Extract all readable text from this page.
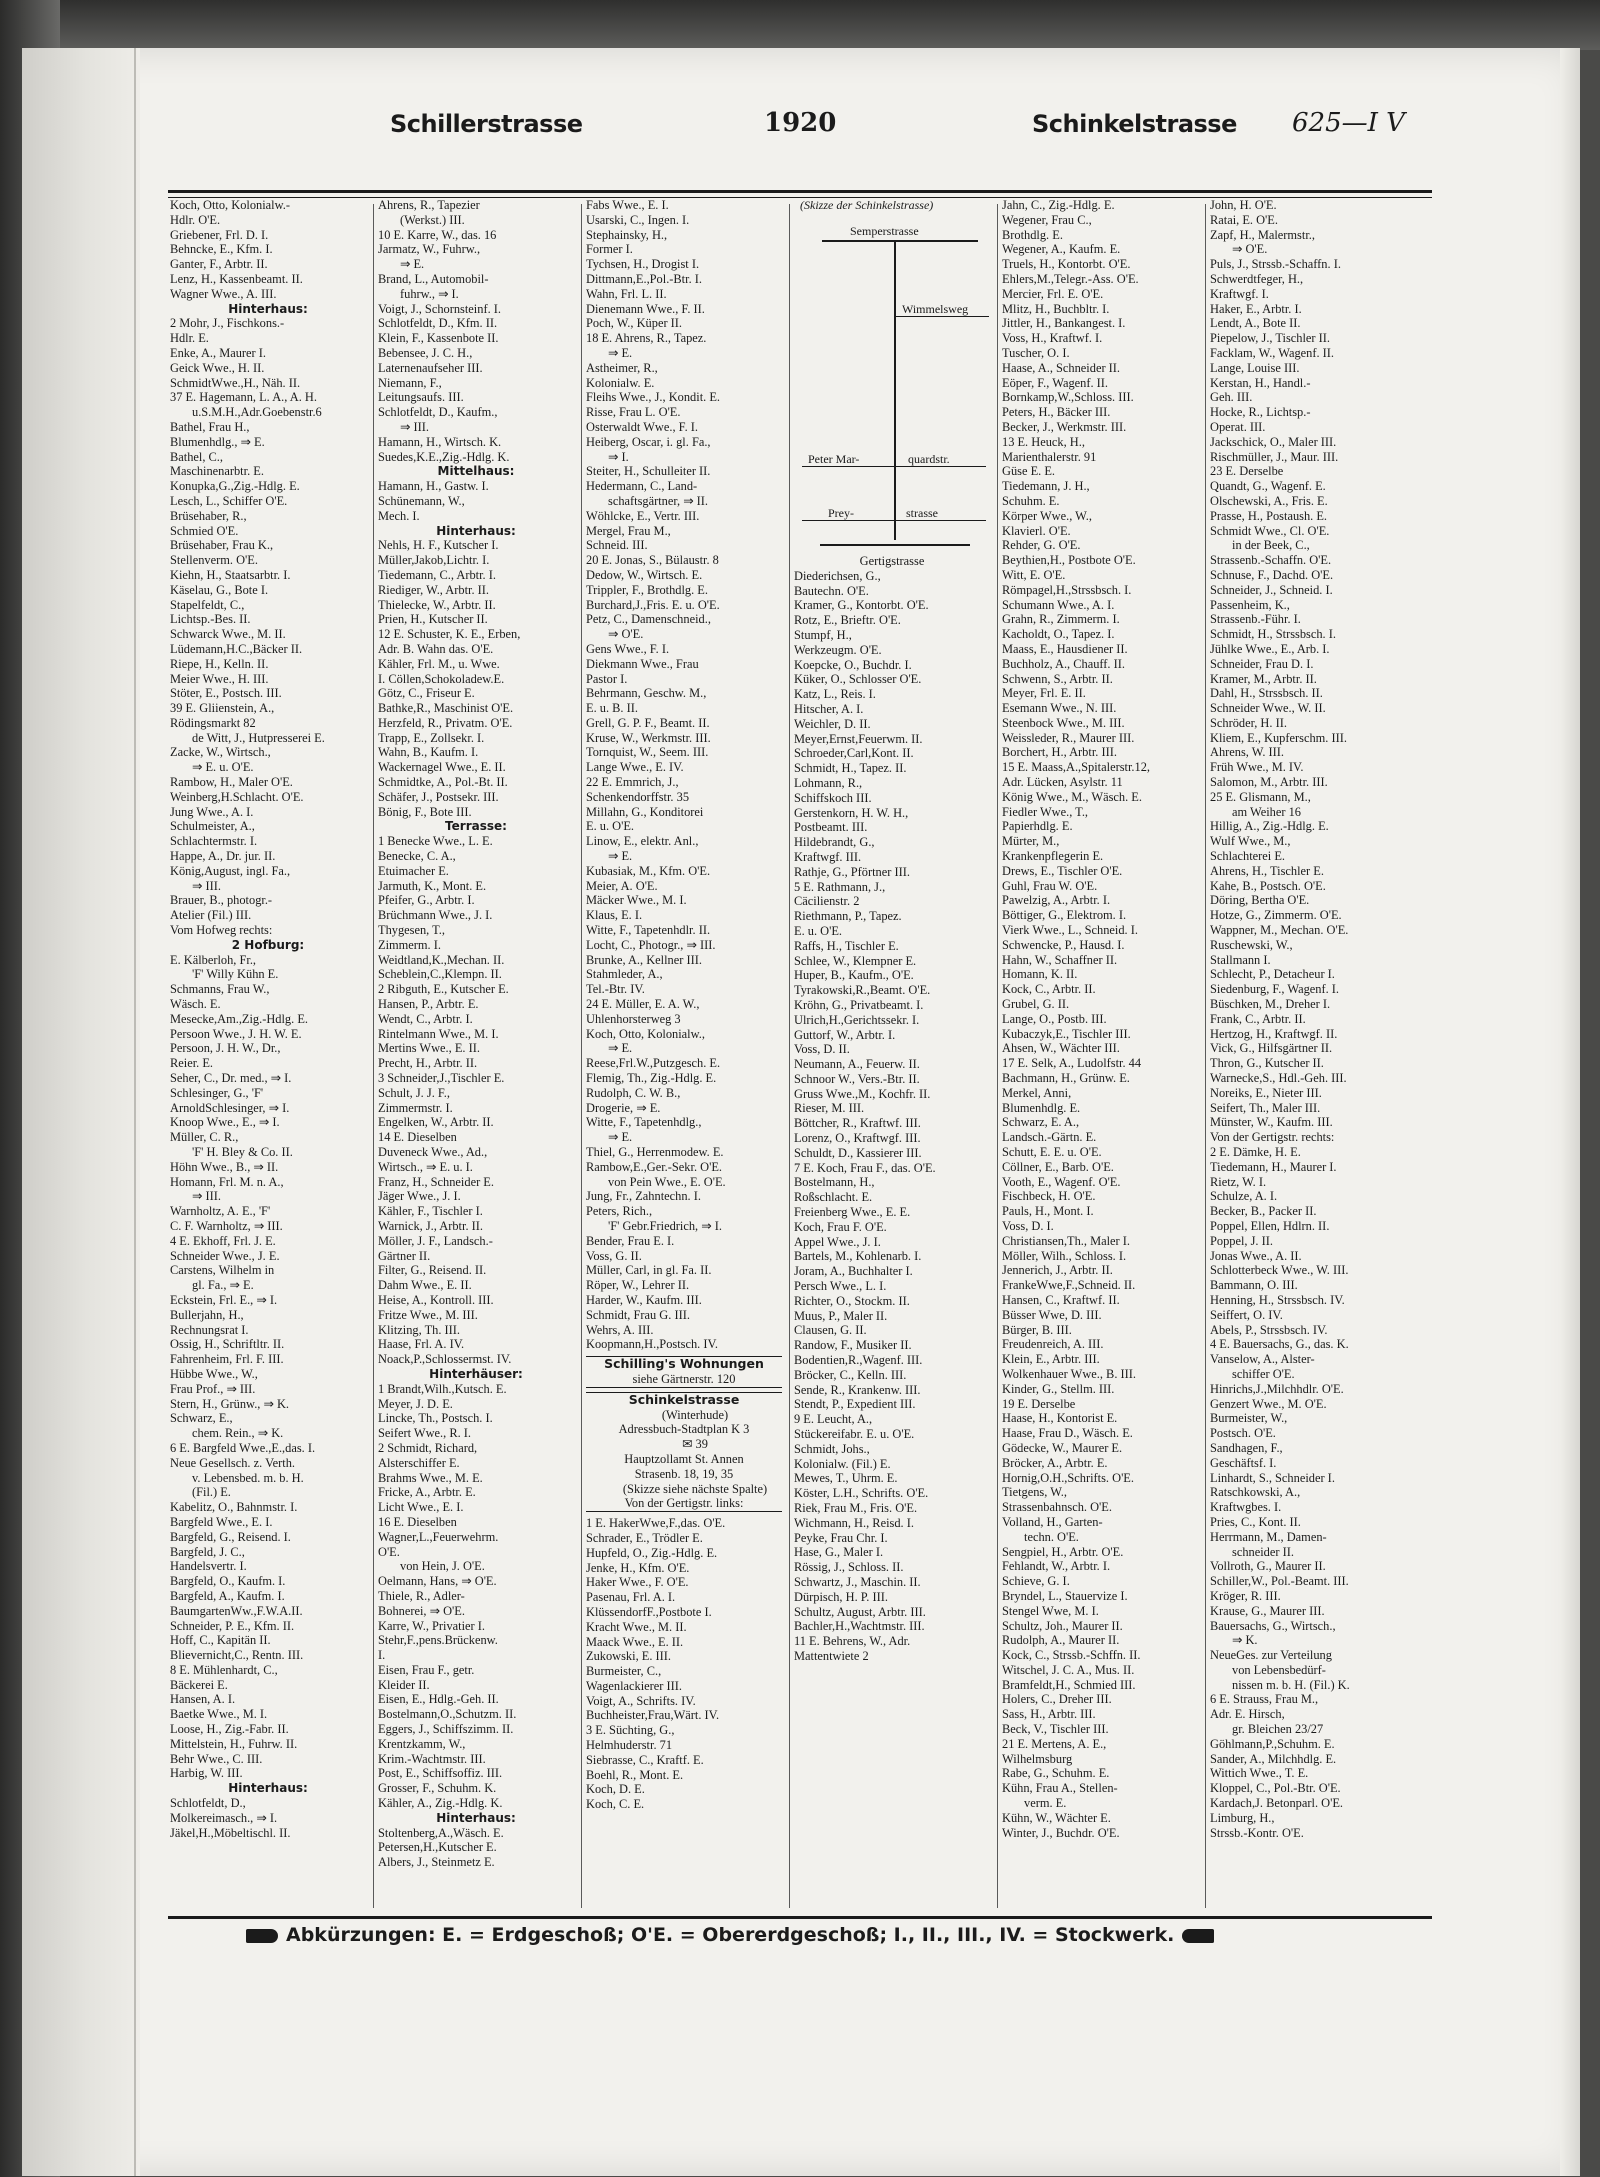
Schillerstrasse	1920	Schinkelstrasse 625—I V
Koch, Otto, Kolonialw.-
Hdlr. O'E.
Griebener, Frl. D. I.
Behncke, E., Kfm. I.
Ganter, F., Arbtr. II.
Lenz, H., Kassenbeamt. II.
Wagner Wwe., A. III.
Hinterhaus:
2 Mohr, J., Fischkons.-
Hdlr. E.
Enke, A., Maurer I.
Geick Wwe., H. II.
SchmidtWwe.,H., Näh. II.
37 E. Hagemann, L. A., A. H.
u.S.M.H.,Adr.Goebenstr.6
Bathel, Frau H.,
Blumenhdlg., ⇒ E.
Bathel, C.,
Maschinenarbtr. E.
Konupka,G.,Zig.-Hdlg. E.
Lesch, L., Schiffer O'E.
Brüsehaber, R.,
Schmied O'E.
Brüsehaber, Frau K.,
Stellenverm. O'E.
Kiehn, H., Staatsarbtr. I.
Käselau, G., Bote I.
Stapelfeldt, C.,
Lichtsp.-Bes. II.
Schwarck Wwe., M. II.
Lüdemann,H.C.,Bäcker II.
Riepe, H., Kelln. II.
Meier Wwe., H. III.
Stöter, E., Postsch. III.
39 E. Gliienstein, A.,
Rödingsmarkt 82
de Witt, J., Hutpresserei E.
Zacke, W., Wirtsch.,
⇒ E. u. O'E.
Rambow, H., Maler O'E.
Weinberg,H.Schlacht. O'E.
Jung Wwe., A. I.
Schulmeister, A.,
Schlachtermstr. I.
Happe, A., Dr. jur. II.
König,August, ingl. Fa.,
⇒ III.
Brauer, B., photogr.-
Atelier (Fil.) III.
Vom Hofweg rechts:
2 Hofburg:
E. Kälberloh, Fr.,
'F' Willy Kühn E.
Schmanns, Frau W.,
Wäsch. E.
Mesecke,Am.,Zig.-Hdlg. E.
Persoon Wwe., J. H. W. E.
Persoon, J. H. W., Dr.,
Reier. E.
Seher, C., Dr. med., ⇒ I.
Schlesinger, G., 'F'
ArnoldSchlesinger, ⇒ I.
Knoop Wwe., E., ⇒ I.
Müller, C. R.,
'F' H. Bley & Co. II.
Höhn Wwe., B., ⇒ II.
Homann, Frl. M. n. A.,
⇒ III.
Warnholtz, A. E., 'F'
C. F. Warnholtz, ⇒ III.
4 E. Ekhoff, Frl. J. E.
Schneider Wwe., J. E.
Carstens, Wilhelm in
gl. Fa., ⇒ E.
Eckstein, Frl. E., ⇒ I.
Bullerjahn, H.,
Rechnungsrat I.
Ossig, H., Schriftltr. II.
Fahrenheim, Frl. F. III.
Hübbe Wwe., W.,
Frau Prof., ⇒ III.
Stern, H., Grünw., ⇒ K.
Schwarz, E.,
chem. Rein., ⇒ K.
6 E. Bargfeld Wwe.,E.,das. I.
Neue Gesellsch. z. Verth.
v. Lebensbed. m. b. H.
(Fil.) E.
Kabelitz, O., Bahnmstr. I.
Bargfeld Wwe., E. I.
Bargfeld, G., Reisend. I.
Bargfeld, J. C.,
Handelsvertr. I.
Bargfeld, O., Kaufm. I.
Bargfeld, A., Kaufm. I.
BaumgartenWw.,F.W.A.II.
Schneider, P. E., Kfm. II.
Hoff, C., Kapitän II.
Blievernicht,C., Rentn. III.
8 E. Mühlenhardt, C.,
Bäckerei E.
Hansen, A. I.
Baetke Wwe., M. I.
Loose, H., Zig.-Fabr. II.
Mittelstein, H., Fuhrw. II.
Behr Wwe., C. III.
Harbig, W. III.
Hinterhaus:
Schlotfeldt, D.,
Molkereimasch., ⇒ I.
Jäkel,H.,Möbeltischl. II.
Ahrens, R., Tapezier
(Werkst.) III.
10 E. Karre, W., das. 16
Jarmatz, W., Fuhrw.,
⇒ E.
Brand, L., Automobil-
fuhrw., ⇒ I.
Voigt, J., Schornsteinf. I.
Schlotfeldt, D., Kfm. II.
Klein, F., Kassenbote II.
Bebensee, J. C. H.,
Laternenaufseher III.
Niemann, F.,
Leitungsaufs. III.
Schlotfeldt, D., Kaufm.,
⇒ III.
Hamann, H., Wirtsch. K.
Suedes,K.E.,Zig.-Hdlg. K.
Mittelhaus:
Hamann, H., Gastw. I.
Schünemann, W.,
Mech. I.
Hinterhaus:
Nehls, H. F., Kutscher I.
Müller,Jakob,Lichtr. I.
Tiedemann, C., Arbtr. I.
Riediger, W., Arbtr. II.
Thielecke, W., Arbtr. II.
Prien, H., Kutscher II.
12 E. Schuster, K. E., Erben,
Adr. B. Wahn das. O'E.
Kähler, Frl. M., u. Wwe.
I. Cöllen,Schokoladew.E.
Götz, C., Friseur E.
Bathke,R., Maschinist O'E.
Herzfeld, R., Privatm. O'E.
Trapp, E., Zollsekr. I.
Wahn, B., Kaufm. I.
Wackernagel Wwe., E. II.
Schmidtke, A., Pol.-Bt. II.
Schäfer, J., Postsekr. III.
Bönig, F., Bote III.
Terrasse:
1 Benecke Wwe., L. E.
Benecke, C. A.,
Etuimacher E.
Jarmuth, K., Mont. E.
Pfeifer, G., Arbtr. I.
Brüchmann Wwe., J. I.
Thygesen, T.,
Zimmerm. I.
Weidtland,K.,Mechan. II.
Scheblein,C.,Klempn. II.
2 Ribguth, E., Kutscher E.
Hansen, P., Arbtr. E.
Wendt, C., Arbtr. I.
Rintelmann Wwe., M. I.
Mertins Wwe., E. II.
Precht, H., Arbtr. II.
3 Schneider,J.,Tischler E.
Schult, J. J. F.,
Zimmermstr. I.
Engelken, W., Arbtr. II.
14 E. Dieselben
Duveneck Wwe., Ad.,
Wirtsch., ⇒ E. u. I.
Franz, H., Schneider E.
Jäger Wwe., J. I.
Kähler, F., Tischler I.
Warnick, J., Arbtr. II.
Möller, J. F., Landsch.-
Gärtner II.
Filter, G., Reisend. II.
Dahm Wwe., E. II.
Heise, A., Kontroll. III.
Fritze Wwe., M. III.
Klitzing, Th. III.
Haase, Frl. A. IV.
Noack,P.,Schlossermst. IV.
Hinterhäuser:
1 Brandt,Wilh.,Kutsch. E.
Meyer, J. D. E.
Lincke, Th., Postsch. I.
Seifert Wwe., R. I.
2 Schmidt, Richard,
Alsterschiffer E.
Brahms Wwe., M. E.
Fricke, A., Arbtr. E.
Licht Wwe., E. I.
16 E. Dieselben
Wagner,L.,Feuerwehrm.
O'E.
von Hein, J. O'E.
Oelmann, Hans, ⇒ O'E.
Thiele, R., Adler-
Bohnerei, ⇒ O'E.
Karre, W., Privatier I.
Stehr,F.,pens.Brückenw.
I.
Eisen, Frau F., getr.
Kleider II.
Eisen, E., Hdlg.-Geh. II.
Bostelmann,O.,Schutzm. II.
Eggers, J., Schiffszimm. II.
Krentzkamm, W.,
Krim.-Wachtmstr. III.
Post, E., Schiffsoffiz. III.
Grosser, F., Schuhm. K.
Kähler, A., Zig.-Hdlg. K.
Hinterhaus:
Stoltenberg,A.,Wäsch. E.
Petersen,H.,Kutscher E.
Albers, J., Steinmetz E.
Fabs Wwe., E. I.
Usarski, C., Ingen. I.
Stephainsky, H.,
Former I.
Tychsen, H., Drogist I.
Dittmann,E.,Pol.-Btr. I.
Wahn, Frl. L. II.
Dienemann Wwe., F. II.
Poch, W., Küper II.
18 E. Ahrens, R., Tapez.
⇒ E.
Astheimer, R.,
Kolonialw. E.
Fleihs Wwe., J., Kondit. E.
Risse, Frau L. O'E.
Osterwaldt Wwe., F. I.
Heiberg, Oscar, i. gl. Fa.,
⇒ I.
Steiter, H., Schulleiter II.
Hedermann, C., Land-
schaftsgärtner, ⇒ II.
Wöhlcke, E., Vertr. III.
Mergel, Frau M.,
Schneid. III.
20 E. Jonas, S., Bülaustr. 8
Dedow, W., Wirtsch. E.
Trippler, F., Brothdlg. E.
Burchard,J.,Fris. E. u. O'E.
Petz, C., Damenschneid.,
⇒ O'E.
Gens Wwe., F. I.
Diekmann Wwe., Frau
Pastor I.
Behrmann, Geschw. M.,
E. u. B. II.
Grell, G. P. F., Beamt. II.
Kruse, W., Werkmstr. III.
Tornquist, W., Seem. III.
Lange Wwe., E. IV.
22 E. Emmrich, J.,
Schenkendorffstr. 35
Millahn, G., Konditorei
E. u. O'E.
Linow, E., elektr. Anl.,
⇒ E.
Kubasiak, M., Kfm. O'E.
Meier, A. O'E.
Mäcker Wwe., M. I.
Klaus, E. I.
Witte, F., Tapetenhdlr. II.
Locht, C., Photogr., ⇒ III.
Brunke, A., Kellner III.
Stahmleder, A.,
Tel.-Btr. IV.
24 E. Müller, E. A. W.,
Uhlenhorsterweg 3
Koch, Otto, Kolonialw.,
⇒ E.
Reese,Frl.W.,Putzgesch. E.
Flemig, Th., Zig.-Hdlg. E.
Rudolph, C. W. B.,
Drogerie, ⇒ E.
Witte, F., Tapetenhdlg.,
⇒ E.
Thiel, G., Herrenmodew. E.
Rambow,E.,Ger.-Sekr. O'E.
von Pein Wwe., E. O'E.
Jung, Fr., Zahntechn. I.
Peters, Rich.,
'F' Gebr.Friedrich, ⇒ I.
Bender, Frau E. I.
Voss, G. II.
Müller, Carl, in gl. Fa. II.
Röper, W., Lehrer II.
Harder, W., Kaufm. III.
Schmidt, Frau G. III.
Wehrs, A. III.
Koopmann,H.,Postsch. IV.
Schilling's Wohnungen
siehe Gärtnerstr. 120
Schinkelstrasse
(Winterhude)
Adressbuch-Stadtplan K 3
✉ 39
Hauptzollamt St. Annen
Strasenb. 18, 19, 35
(Skizze siehe nächste Spalte)
Von der Gertigstr. links:
1 E. HakerWwe,F.,das. O'E.
Schrader, E., Trödler E.
Hupfeld, O., Zig.-Hdlg. E.
Jenke, H., Kfm. O'E.
Haker Wwe., F. O'E.
Pasenau, Frl. A. I.
KlüssendorfF.,Postbote I.
Kracht Wwe., M. II.
Maack Wwe., E. II.
Zukowski, E. III.
Burmeister, C.,
Wagenlackierer III.
Voigt, A., Schrifts. IV.
Buchheister,Frau,Wärt. IV.
3 E. Süchting, G.,
Helmhuderstr. 71
Siebrasse, C., Kraftf. E.
Boehl, R., Mont. E.
Koch, D. E.
Koch, C. E.
(Skizze der Schinkelstrasse)
Semperstrasse
Wimmelsweg
Peter Mar-	quardstr.
Prey-	strasse
Gertigstrasse
Diederichsen, G.,
Bautechn. O'E.
Kramer, G., Kontorbt. O'E.
Rotz, E., Brieftr. O'E.
Stumpf, H.,
Werkzeugm. O'E.
Koepcke, O., Buchdr. I.
Küker, O., Schlosser O'E.
Katz, L., Reis. I.
Hitscher, A. I.
Weichler, D. II.
Meyer,Ernst,Feuerwm. II.
Schroeder,Carl,Kont. II.
Schmidt, H., Tapez. II.
Lohmann, R.,
Schiffskoch III.
Gerstenkorn, H. W. H.,
Postbeamt. III.
Hildebrandt, G.,
Kraftwgf. III.
Rathje, G., Pförtner III.
5 E. Rathmann, J.,
Cäcilienstr. 2
Riethmann, P., Tapez.
E. u. O'E.
Raffs, H., Tischler E.
Schlee, W., Klempner E.
Huper, B., Kaufm., O'E.
Tyrakowski,R.,Beamt. O'E.
Kröhn, G., Privatbeamt. I.
Ulrich,H.,Gerichtssekr. I.
Guttorf, W., Arbtr. I.
Voss, D. II.
Neumann, A., Feuerw. II.
Schnoor W., Vers.-Btr. II.
Gruss Wwe.,M., Kochfr. II.
Rieser, M. III.
Böttcher, R., Kraftwf. III.
Lorenz, O., Kraftwgf. III.
Schuldt, D., Kassierer III.
7 E. Koch, Frau F., das. O'E.
Bostelmann, H.,
Roßschlacht. E.
Freienberg Wwe., E. E.
Koch, Frau F. O'E.
Appel Wwe., J. I.
Bartels, M., Kohlenarb. I.
Joram, A., Buchhalter I.
Persch Wwe., L. I.
Richter, O., Stockm. II.
Muus, P., Maler II.
Clausen, G. II.
Randow, F., Musiker II.
Bodentien,R.,Wagenf. III.
Bröcker, C., Kelln. III.
Sende, R., Krankenw. III.
Stendt, P., Expedient III.
9 E. Leucht, A.,
Stückereifabr. E. u. O'E.
Schmidt, Johs.,
Kolonialw. (Fil.) E.
Mewes, T., Uhrm. E.
Köster, L.H., Schrifts. O'E.
Riek, Frau M., Fris. O'E.
Wichmann, H., Reisd. I.
Peyke, Frau Chr. I.
Hase, G., Maler I.
Rössig, J., Schloss. II.
Schwartz, J., Maschin. II.
Dürpisch, H. P. III.
Schultz, August, Arbtr. III.
Bachler,H.,Wachtmstr. III.
11 E. Behrens, W., Adr.
Mattentwiete 2
Jahn, C., Zig.-Hdlg. E.
Wegener, Frau C.,
Brothdlg. E.
Wegener, A., Kaufm. E.
Truels, H., Kontorbt. O'E.
Ehlers,M.,Telegr.-Ass. O'E.
Mercier, Frl. E. O'E.
Mlitz, H., Buchbltr. I.
Jittler, H., Bankangest. I.
Voss, H., Kraftwf. I.
Tuscher, O. I.
Haase, A., Schneider II.
Eöper, F., Wagenf. II.
Bornkamp,W.,Schloss. III.
Peters, H., Bäcker III.
Becker, J., Werkmstr. III.
13 E. Heuck, H.,
Marienthalerstr. 91
Güse E. E.
Tiedemann, J. H.,
Schuhm. E.
Körper Wwe., W.,
Klavierl. O'E.
Rehder, G. O'E.
Beythien,H., Postbote O'E.
Witt, E. O'E.
Römpagel,H.,Strssbsch. I.
Schumann Wwe., A. I.
Grahn, R., Zimmerm. I.
Kacholdt, O., Tapez. I.
Maass, E., Hausdiener II.
Buchholz, A., Chauff. II.
Schwenn, S., Arbtr. II.
Meyer, Frl. E. II.
Esemann Wwe., N. III.
Steenbock Wwe., M. III.
Weissleder, R., Maurer III.
Borchert, H., Arbtr. III.
15 E. Maass,A.,Spitalerstr.12,
Adr. Lücken, Asylstr. 11
König Wwe., M., Wäsch. E.
Fiedler Wwe., T.,
Papierhdlg. E.
Mürter, M.,
Krankenpflegerin E.
Drews, E., Tischler O'E.
Guhl, Frau W. O'E.
Pawelzig, A., Arbtr. I.
Böttiger, G., Elektrom. I.
Vierk Wwe., L., Schneid. I.
Schwencke, P., Hausd. I.
Hahn, W., Schaffner II.
Homann, K. II.
Kock, C., Arbtr. II.
Grubel, G. II.
Lange, O., Postb. III.
Kubaczyk,E., Tischler III.
Ahsen, W., Wächter III.
17 E. Selk, A., Ludolfstr. 44
Bachmann, H., Grünw. E.
Merkel, Anni,
Blumenhdlg. E.
Schwarz, E. A.,
Landsch.-Gärtn. E.
Schutt, E. E. u. O'E.
Cöllner, E., Barb. O'E.
Vooth, E., Wagenf. O'E.
Fischbeck, H. O'E.
Pauls, H., Mont. I.
Voss, D. I.
Christiansen,Th., Maler I.
Möller, Wilh., Schloss. I.
Jennerich, J., Arbtr. II.
FrankeWwe,F.,Schneid. II.
Hansen, C., Kraftwf. II.
Büsser Wwe, D. III.
Bürger, B. III.
Freudenreich, A. III.
Klein, E., Arbtr. III.
Wolkenhauer Wwe., B. III.
Kinder, G., Stellm. III.
19 E. Derselbe
Haase, H., Kontorist E.
Haase, Frau D., Wäsch. E.
Gödecke, W., Maurer E.
Bröcker, A., Arbtr. E.
Hornig,O.H.,Schrifts. O'E.
Tietgens, W.,
Strassenbahnsch. O'E.
Volland, H., Garten-
techn. O'E.
Sengpiel, H., Arbtr. O'E.
Fehlandt, W., Arbtr. I.
Schieve, G. I.
Bryndel, L., Stauervize I.
Stengel Wwe, M. I.
Schultz, Joh., Maurer II.
Rudolph, A., Maurer II.
Kock, C., Strssb.-Schffn. II.
Witschel, J. C. A., Mus. II.
Bramfeldt,H., Schmied III.
Holers, C., Dreher III.
Sass, H., Arbtr. III.
Beck, V., Tischler III.
21 E. Mertens, A. E.,
Wilhelmsburg
Rabe, G., Schuhm. E.
Kühn, Frau A., Stellen-
verm. E.
Kühn, W., Wächter E.
Winter, J., Buchdr. O'E.
John, H. O'E.
Ratai, E. O'E.
Zapf, H., Malermstr.,
⇒ O'E.
Puls, J., Strssb.-Schaffn. I.
Schwerdtfeger, H.,
Kraftwgf. I.
Haker, E., Arbtr. I.
Lendt, A., Bote II.
Piepelow, J., Tischler II.
Facklam, W., Wagenf. II.
Lange, Louise III.
Kerstan, H., Handl.-
Geh. III.
Hocke, R., Lichtsp.-
Operat. III.
Jackschick, O., Maler III.
Rischmüller, J., Maur. III.
23 E. Derselbe
Quandt, G., Wagenf. E.
Olschewski, A., Fris. E.
Prasse, H., Postaush. E.
Schmidt Wwe., Cl. O'E.
in der Beek, C.,
Strassenb.-Schaffn. O'E.
Schnuse, F., Dachd. O'E.
Schneider, J., Schneid. I.
Passenheim, K.,
Strassenb.-Führ. I.
Schmidt, H., Strssbsch. I.
Jühlke Wwe., E., Arb. I.
Schneider, Frau D. I.
Kramer, M., Arbtr. II.
Dahl, H., Strssbsch. II.
Schneider Wwe., W. II.
Schröder, H. II.
Kliem, E., Kupferschm. III.
Ahrens, W. III.
Früh Wwe., M. IV.
Salomon, M., Arbtr. III.
25 E. Glismann, M.,
am Weiher 16
Hillig, A., Zig.-Hdlg. E.
Wulf Wwe., M.,
Schlachterei E.
Ahrens, H., Tischler E.
Kahe, B., Postsch. O'E.
Döring, Bertha O'E.
Hotze, G., Zimmerm. O'E.
Wappner, M., Mechan. O'E.
Ruschewski, W.,
Stallmann I.
Schlecht, P., Detacheur I.
Siedenburg, F., Wagenf. I.
Büschken, M., Dreher I.
Frank, C., Arbtr. II.
Hertzog, H., Kraftwgf. II.
Vick, G., Hilfsgärtner II.
Thron, G., Kutscher II.
Warnecke,S., Hdl.-Geh. III.
Noreiks, E., Nieter III.
Seifert, Th., Maler III.
Münster, W., Kaufm. III.
Von der Gertigstr. rechts:
2 E. Dämke, H. E.
Tiedemann, H., Maurer I.
Rietz, W. I.
Schulze, A. I.
Becker, B., Packer II.
Poppel, Ellen, Hdlrn. II.
Poppel, J. II.
Jonas Wwe., A. II.
Schlotterbeck Wwe., W. III.
Bammann, O. III.
Henning, H., Strssbsch. IV.
Seiffert, O. IV.
Abels, P., Strssbsch. IV.
4 E. Bauersachs, G., das. K.
Vanselow, A., Alster-
schiffer O'E.
Hinrichs,J.,Milchhdlr. O'E.
Genzert Wwe., M. O'E.
Burmeister, W.,
Postsch. O'E.
Sandhagen, F.,
Geschäftsf. I.
Linhardt, S., Schneider I.
Ratschkowski, A.,
Kraftwgbes. I.
Pries, C., Kont. II.
Herrmann, M., Damen-
schneider II.
Vollroth, G., Maurer II.
Schiller,W., Pol.-Beamt. III.
Kröger, R. III.
Krause, G., Maurer III.
Bauersachs, G., Wirtsch.,
⇒ K.
NeueGes. zur Verteilung
von Lebensbedürf-
nissen m. b. H. (Fil.) K.
6 E. Strauss, Frau M.,
Adr. E. Hirsch,
gr. Bleichen 23/27
Göhlmann,P.,Schuhm. E.
Sander, A., Milchhdlg. E.
Wittich Wwe., T. E.
Kloppel, C., Pol.-Btr. O'E.
Kardach,J. Betonparl. O'E.
Limburg, H.,
Strssb.-Kontr. O'E.
Abkürzungen: E. = Erdgeschoß; O'E. = Obererdgeschoß; I., II., III., IV. = Stockwerk.
